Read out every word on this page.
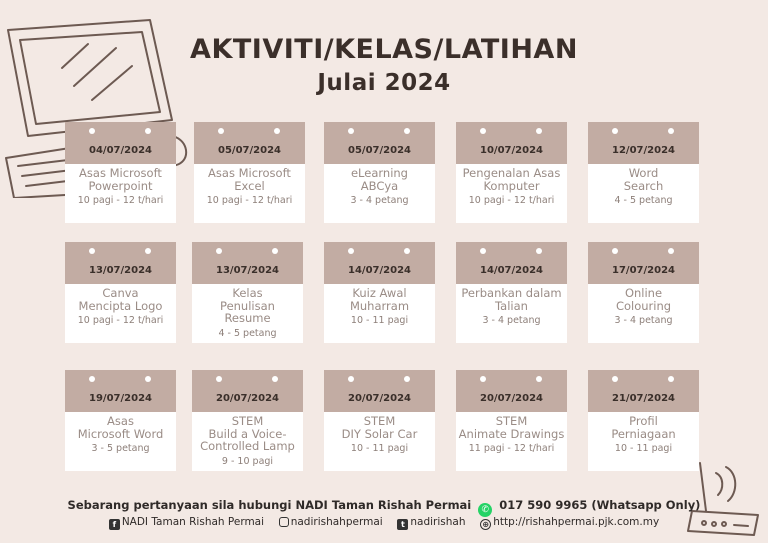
AKTIVITI/KELAS/LATIHAN
Julai 2024
04/07/2024
Asas Microsoft
Powerpoint
10 pagi - 12 t/hari
05/07/2024
Asas Microsoft
Excel
10 pagi - 12 t/hari
05/07/2024
eLearning
ABCya
3 - 4 petang
10/07/2024
Pengenalan Asas
Komputer
10 pagi - 12 t/hari
12/07/2024
Word
Search
4 - 5 petang
13/07/2024
Canva
Mencipta Logo
10 pagi - 12 t/hari
13/07/2024
Kelas
Penulisan
Resume
4 - 5 petang
14/07/2024
Kuiz Awal
Muharram
10 - 11 pagi
14/07/2024
Perbankan dalam
Talian
3 - 4 petang
17/07/2024
Online
Colouring
3 - 4 petang
19/07/2024
Asas
Microsoft Word
3 - 5 petang
20/07/2024
STEM
Build a Voice-
Controlled Lamp
9 - 10 pagi
20/07/2024
STEM
DIY Solar Car
10 - 11 pagi
20/07/2024
STEM
Animate Drawings
11 pagi - 12 t/hari
21/07/2024
Profil
Perniagaan
10 - 11 pagi
Sebarang pertanyaan sila hubungi NADI Taman Rishah Permai ✆ 017 590 9965 (Whatsapp Only)
f NADI Taman Rishah Permai	nadirishahpermai t nadirishah ⊕ http://rishahpermai.pjk.com.my
